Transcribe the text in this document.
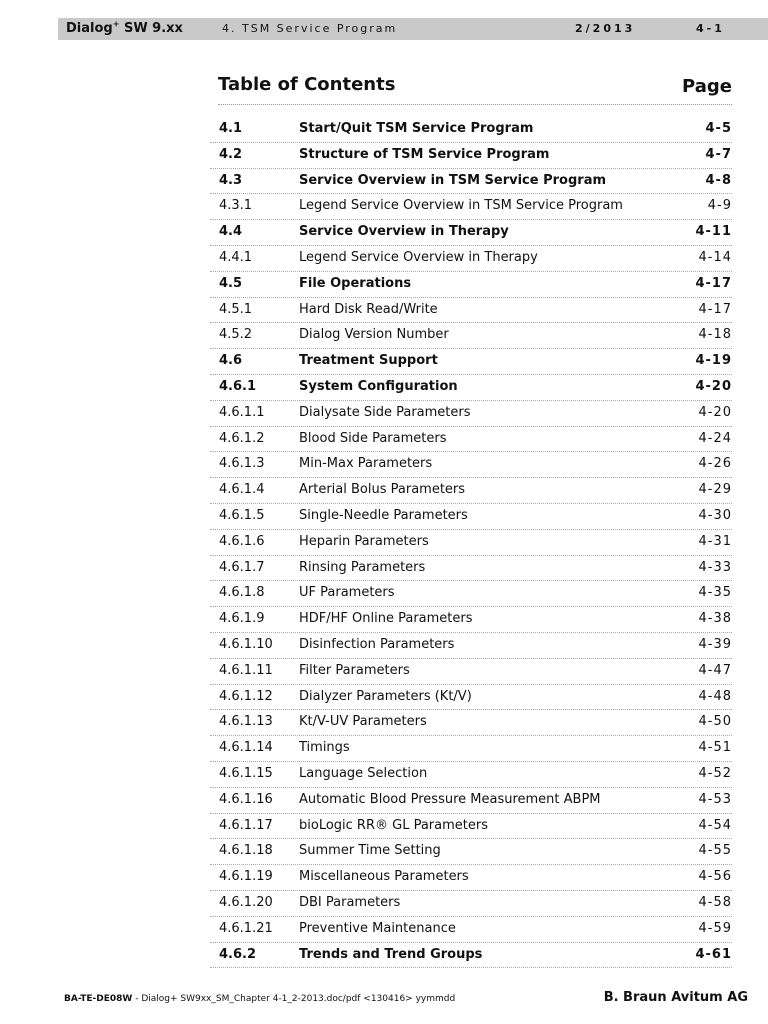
Dialog+ SW 9.xx	4. TSM Service Program	2/2013	4-1
Table of Contents	Page
4.1	Start/Quit TSM Service Program	4-5
4.2	Structure of TSM Service Program	4-7
4.3	Service Overview in TSM Service Program	4-8
4.3.1	Legend Service Overview in TSM Service Program	4-9
4.4	Service Overview in Therapy	4-11
4.4.1	Legend Service Overview in Therapy	4-14
4.5	File Operations	4-17
4.5.1	Hard Disk Read/Write	4-17
4.5.2	Dialog Version Number	4-18
4.6	Treatment Support	4-19
4.6.1	System Configuration	4-20
4.6.1.1	Dialysate Side Parameters	4-20
4.6.1.2	Blood Side Parameters	4-24
4.6.1.3	Min-Max Parameters	4-26
4.6.1.4	Arterial Bolus Parameters	4-29
4.6.1.5	Single-Needle Parameters	4-30
4.6.1.6	Heparin Parameters	4-31
4.6.1.7	Rinsing Parameters	4-33
4.6.1.8	UF Parameters	4-35
4.6.1.9	HDF/HF Online Parameters	4-38
4.6.1.10 Disinfection Parameters	4-39
4.6.1.11 Filter Parameters	4-47
4.6.1.12 Dialyzer Parameters (Kt/V)	4-48
4.6.1.13 Kt/V-UV Parameters	4-50
4.6.1.14 Timings	4-51
4.6.1.15 Language Selection	4-52
4.6.1.16 Automatic Blood Pressure Measurement ABPM	4-53
4.6.1.17 bioLogic RR® GL Parameters	4-54
4.6.1.18 Summer Time Setting	4-55
4.6.1.19 Miscellaneous Parameters	4-56
4.6.1.20 DBI Parameters	4-58
4.6.1.21 Preventive Maintenance	4-59
4.6.2	Trends and Trend Groups	4-61
BA-TE-DE08W - Dialog+ SW9xx_SM_Chapter 4-1_2-2013.doc/pdf <130416> yymmdd	B. Braun Avitum AG
